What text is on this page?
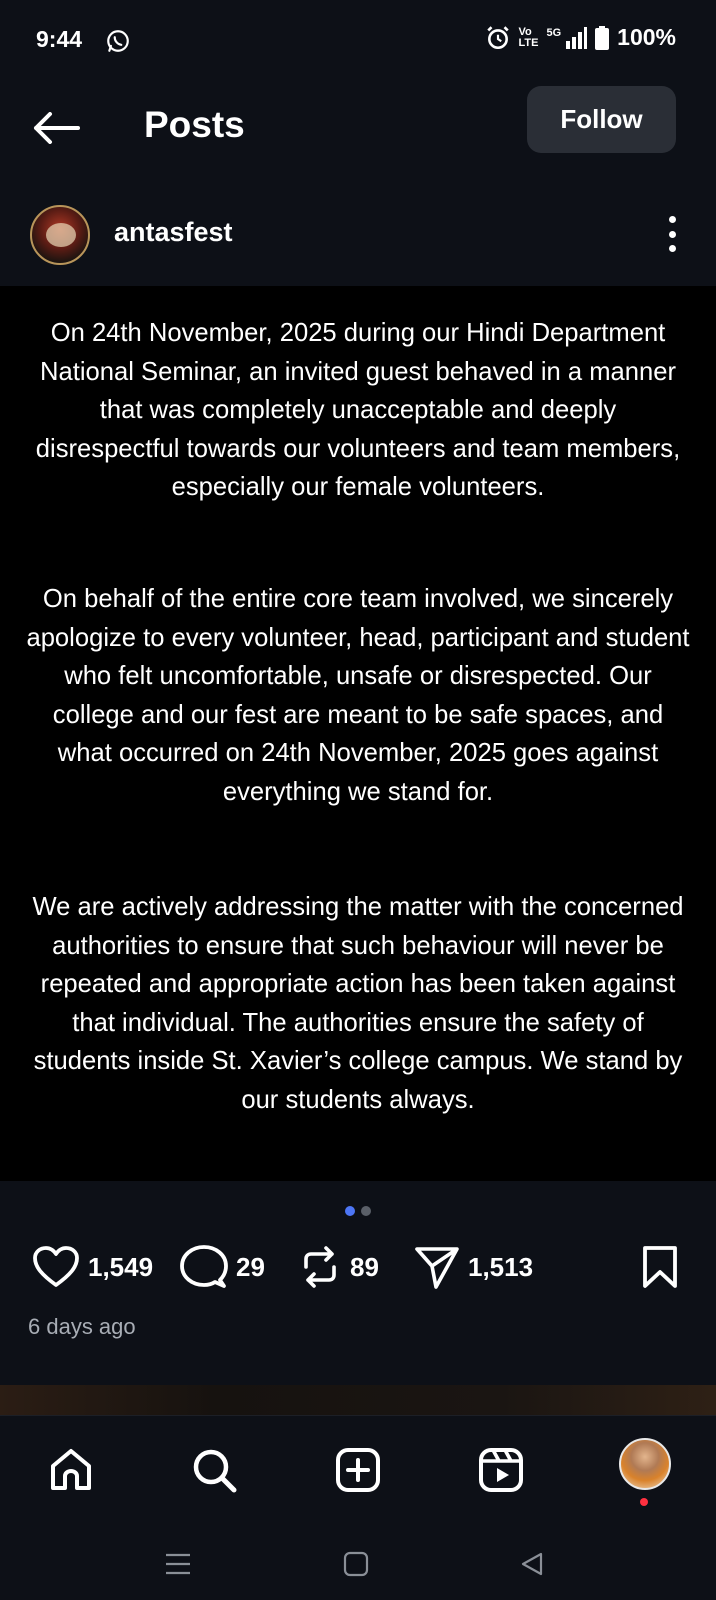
9:44	Vo
LTE
5G 100%
Posts	Follow
antasfest

On 24th November, 2025 during our Hindi Department National Seminar, an invited guest behaved in a manner that was completely unacceptable and deeply disrespectful towards our volunteers and team members, especially our female volunteers.

On behalf of the entire core team involved, we sincerely apologize to every volunteer, head, participant and student who felt uncomfortable, unsafe or disrespected. Our college and our fest are meant to be safe spaces, and what occurred on 24th November, 2025 goes against everything we stand for.

We are actively addressing the matter with the concerned authorities to ensure that such behaviour will never be repeated and appropriate action has been taken against that individual. The authorities ensure the safety of students inside St. Xavier’s college campus. We stand by our students always.

1,549	29	89	1,513
6 days ago
